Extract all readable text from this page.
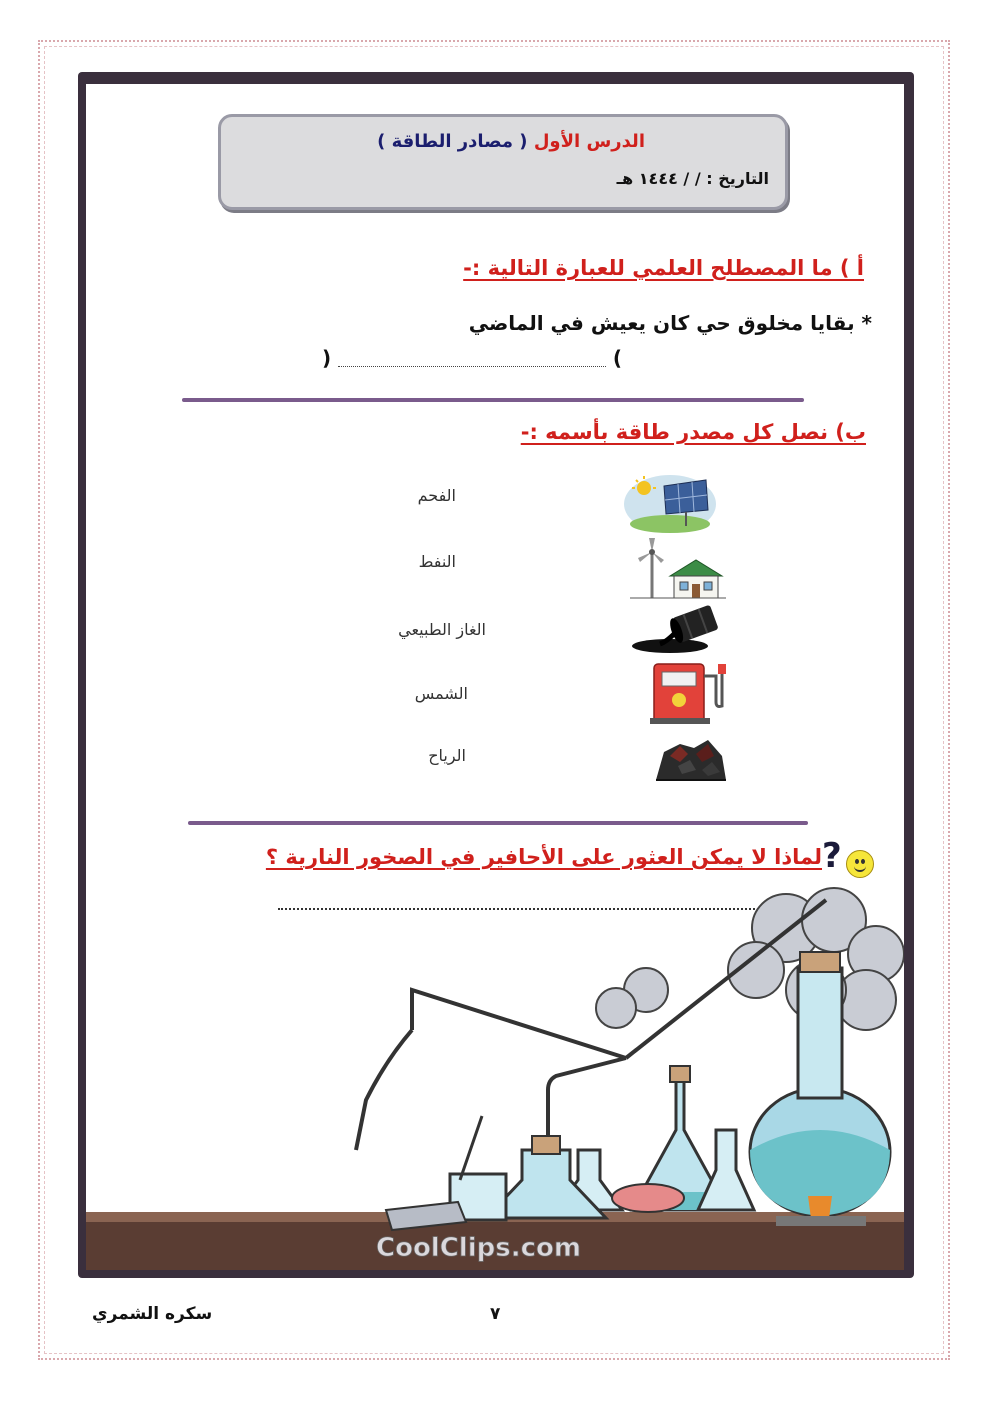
الدرس الأول ( مصادر الطاقة )
التاريخ : / / ١٤٤٤ هـ
أ ) ما المصطلح العلمي للعبارة التالية :-
* بقايا مخلوق حي كان يعيش في الماضي
(
)
ب) نصل كل مصدر طاقة بأسمه :-
الفحم
النفط
الغاز الطبيعي
الشمس
الرياح
?
لماذا لا يمكن العثور على الأحافير في الصخور النارية ؟
CoolClips.com
سكره الشمري	٧
